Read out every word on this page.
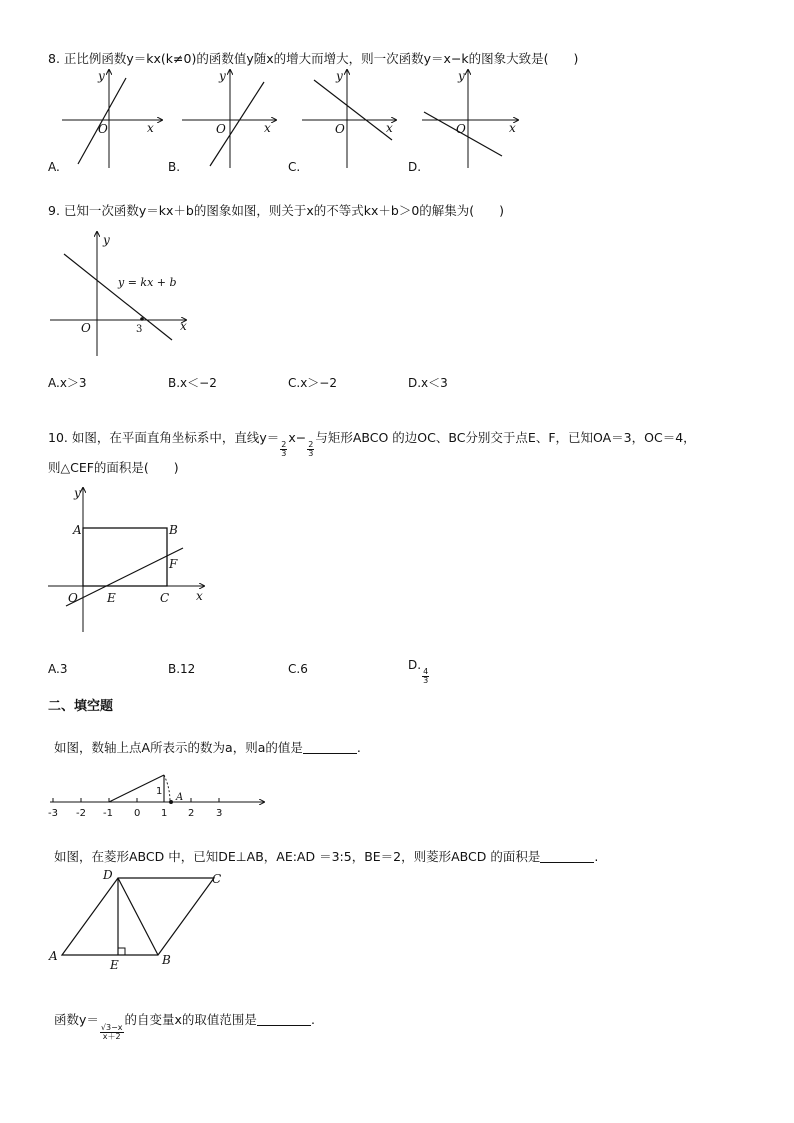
8. 正比例函数y＝kx(k≠0)的函数值y随x的增大而增大，则一次函数y＝x−k的图象大致是(　　)
O	x
y
A.
O	x
y
B.
O	x
y
C.
O	x
y
D.
9. 已知一次函数y＝kx＋b的图象如图，则关于x的不等式kx＋b＞0的解集为(　　)
y
x
O	3
y = kx + b
A.x＞3	B.x＜−2	C.x＞−2	D.x＜3
10. 如图，在平面直角坐标系中，直线y＝
$\frac{2}{3}$
x−
$\frac{2}{3}$
与矩形ABCO 的边OC、BC分别交于点E、F，已知OA＝3，OC＝4，
则△CEF的面积是(　　)
y
x
A	B
F
O E	C
A.3	B.12	C.6	D.
$\frac{4}{3}$
二、填空题
如图，数轴上点A所表示的数为a，则a的值是	.
1
A
-3 -2 -1 0 1 2 3
如图，在菱形ABCD 中，已知DE⊥AB，AE:AD ＝3:5，BE＝2，则菱形ABCD 的面积是	.
A	B
C
D
E
函数y＝
$\frac{√3-x}{x+2}$
的自变量x的取值范围是	.
